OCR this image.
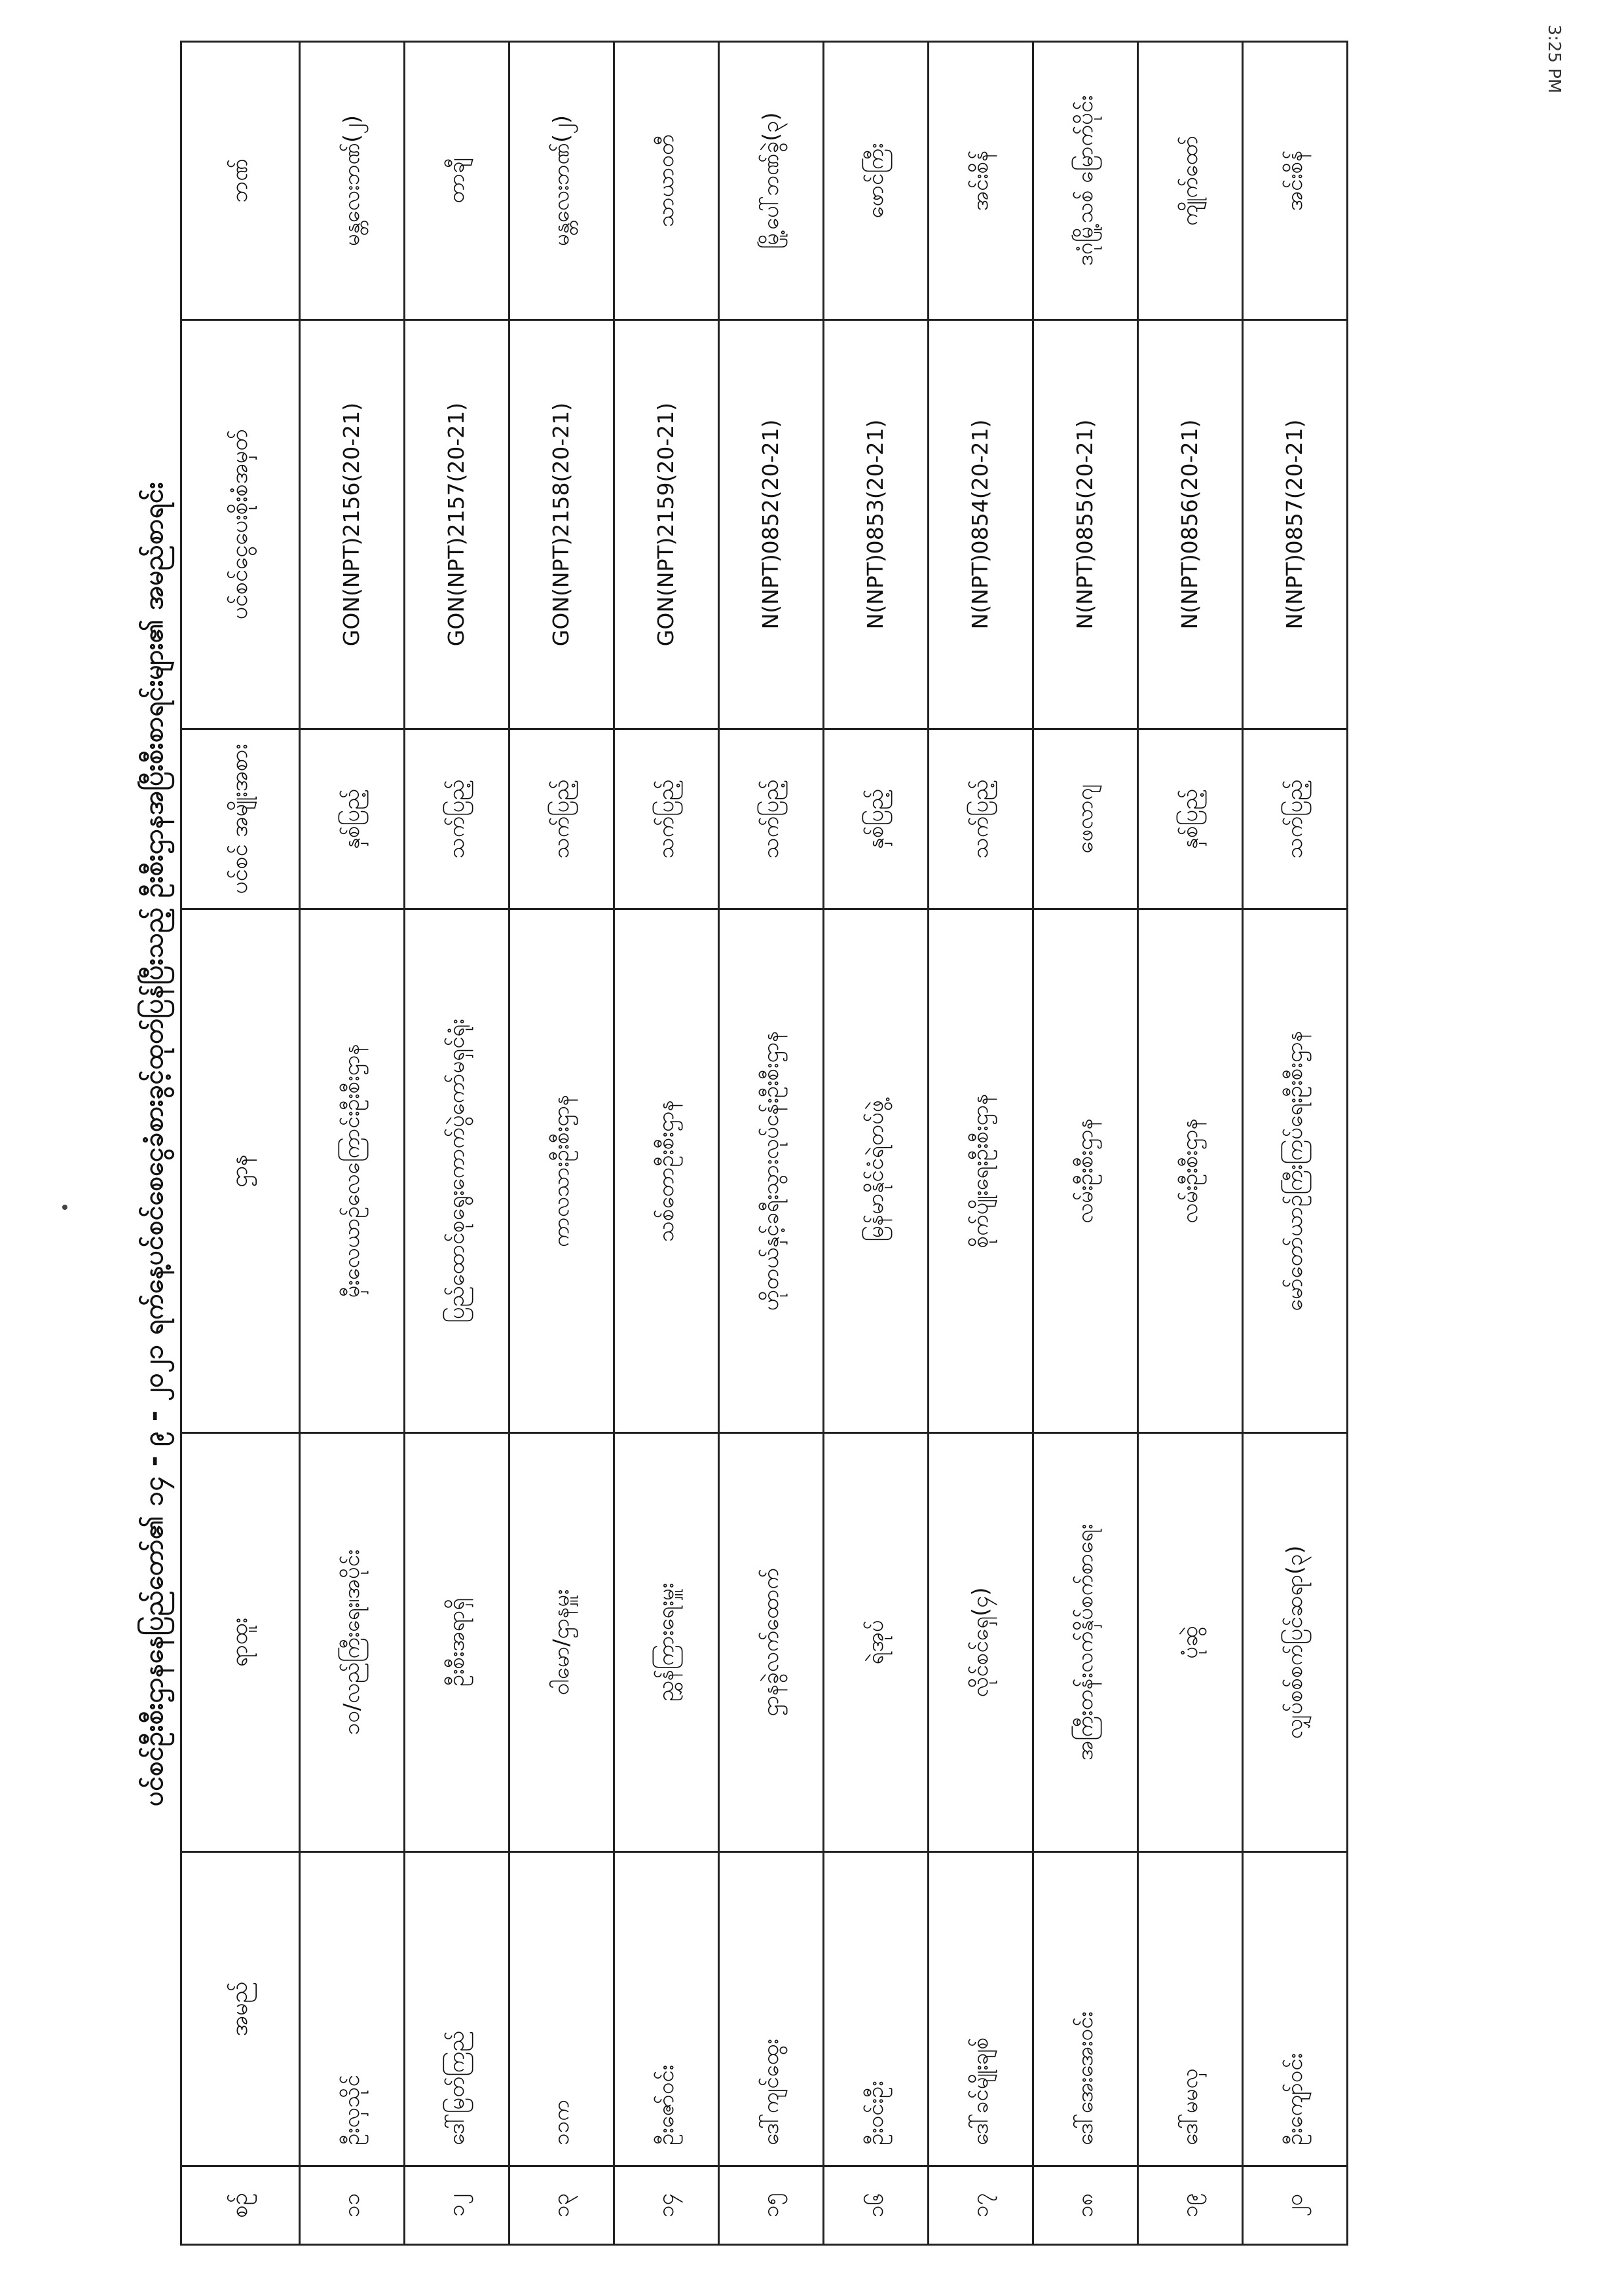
3:25 PM
ပင်စင်ဦးစီးဌာနနေပြည်တော်၏ ၁၄ - ၉ - ၂၀၂၁ ရက်နေ့ပင်စင်စေငွေခံစားခွင့်ထုတ်ပြန်ပြီးသည့် ဦးစီးဌာနအပြီးစီးစာရင်းများ၏ အမည်စာရင်း
စဉ်	အမည်	ရာထူး	ဌာန	ပင်စင် အမျိုးအစား	ပင်စင်ငွေပေးစိုးစံအမှတ်	ဘဏ်
၁၁	ဦးလှသိုင်	၁၀/လည်ကြီးရေး၊အပိုင်း	မှီးလေယာဥ်လေကြောင်းဦးစီးဌာန	နှစ်ပြည့်	GON(NPT)2156(20-21)	မန္တလေးဘဏ်(၂)
၁၂	ဒေါ်မြတ်ကြည်	ဦးစီးအရာရှိ	ပြည်ထောင်စုရွေးကောက်ပွဲကော်မရှင်ရုံး	သက်ပြည့်	GON(NPT)2157(20-21)	တာချီ
၁၃	၁၁က	ဝါမော/ဌာနမှူး	ကာလသားဦးစီးဌာန	သက်ပြည့်	GON(NPT)2158(20-21)	မန္တလေးဘဏ်(၂)
၁၄	ဦးဇော်ဝင်း	ညွှန်ကြားရေးမှူး	သစ်တောဦးစီးဌာန	သက်ပြည့်	GON(NPT)2159(20-21)	သာယာဝတီ
၁၅	ဒေါ်ကျင်ထွေး	ဌာနခွဲလက်ထောက်	ဟိုတယ်နှင့်ခရီးသွားလုပ်ငန်းဦးစီးဌာန	သက်ပြည့်	N(NPT)0852(20-21)	မြို့ပေါ်ဘဏ်ခွဲ(၃)
၁၆	ဦးဝင်းဦး	ရဲအုပ်	မြန်မာနိုင်ငံရဲတပ်ဖွဲ့	နှစ်ပြည့်	N(NPT)0853(20-21)	ဖောင်ကြီး
၁၇	ဒေါ်ခင်မျိုးချစ်	လိုင်စင်ရှေ(၄)	စိုက်ပျိုးရေးဦးစီးဌာန	သက်ပြည့်	N(NPT)0854(20-21)	အင်းစိန်
၁၈	ဒေါ်အေးအေးဝင်း	အကြီးတန်းလက်နှိပ်စက်စာရေး	လမ်းဦးစီးဌာန	ဖေလာဂျ	N(NPT)0855(20-21)	ဒဂုံမြို့သစ် မြောက်ပိုင်း
၁၉	ဒေါ်မမလှ	ပုံဆွဲ	လမ်းဦးစီးဌာန	နှစ်ပြည့်	N(NPT)0856(20-21)	ကျိုက်ထော်
၂၀	ဦးကျော်ဝင်း	လျှပ်စစ်စက်ပြင်ဆရာ(၃)	မော်တော်ယာဉ်ကြီးကြပ်ရေးဦးစီးဌာန	သက်ပြည့်	N(NPT)0857(20-21)	အင်းစိန်
